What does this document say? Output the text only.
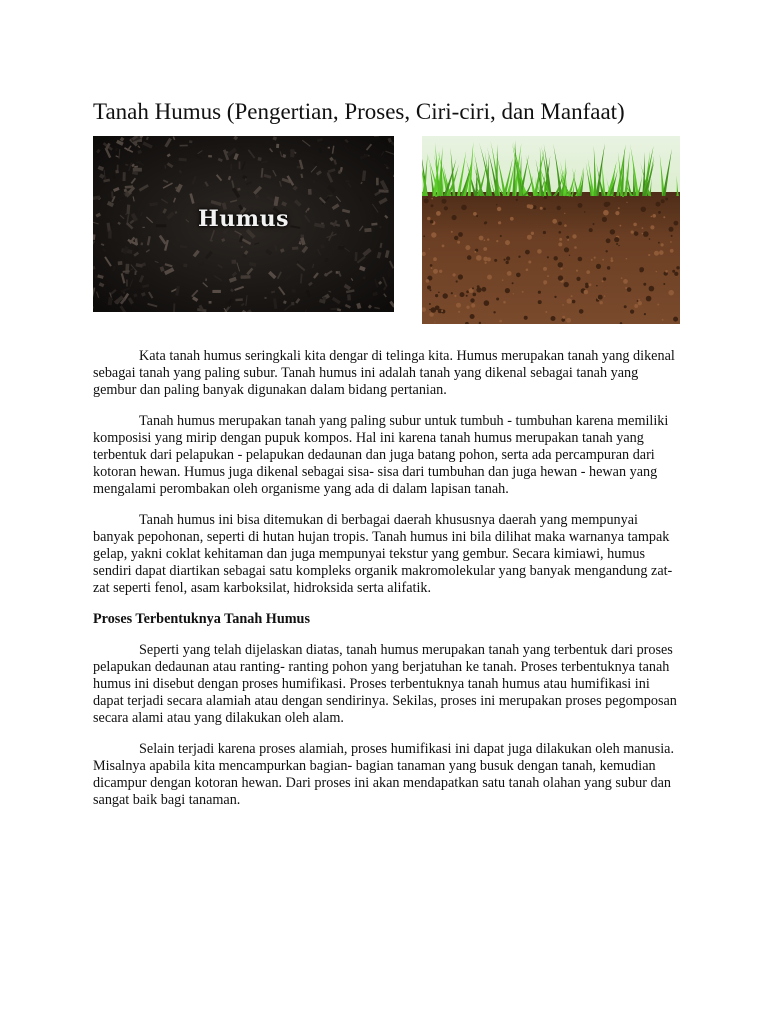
Tanah Humus (Pengertian, Proses, Ciri-ciri, dan Manfaat)
Humus

Kata tanah humus seringkali kita dengar di telinga kita. Humus merupakan tanah yang dikenal sebagai tanah yang paling subur. Tanah humus ini adalah tanah yang dikenal sebagai tanah yang gembur dan paling banyak digunakan dalam bidang pertanian.

Tanah humus merupakan tanah yang paling subur untuk tumbuh - tumbuhan karena memiliki komposisi yang mirip dengan pupuk kompos. Hal ini karena tanah humus merupakan tanah yang terbentuk dari pelapukan - pelapukan dedaunan dan juga batang pohon, serta ada percampuran dari kotoran hewan. Humus juga dikenal sebagai sisa- sisa dari tumbuhan dan juga hewan - hewan yang mengalami perombakan oleh organisme yang ada di dalam lapisan tanah.

Tanah humus ini bisa ditemukan di berbagai daerah khususnya daerah yang mempunyai banyak pepohonan, seperti di hutan hujan tropis. Tanah humus ini bila dilihat maka warnanya tampak gelap, yakni coklat kehitaman dan juga mempunyai tekstur yang gembur. Secara kimiawi, humus sendiri dapat diartikan sebagai satu kompleks organik makromolekular yang banyak mengandung zat- zat seperti fenol, asam karboksilat, hidroksida serta alifatik.

Proses Terbentuknya Tanah Humus

Seperti yang telah dijelaskan diatas, tanah humus merupakan tanah yang terbentuk dari proses pelapukan dedaunan atau ranting- ranting pohon yang berjatuhan ke tanah. Proses terbentuknya tanah humus ini disebut dengan proses humifikasi. Proses terbentuknya tanah humus atau humifikasi ini dapat terjadi secara alamiah atau dengan sendirinya. Sekilas, proses ini merupakan proses pegomposan secara alami atau yang dilakukan oleh alam.

Selain terjadi karena proses alamiah, proses humifikasi ini dapat juga dilakukan oleh manusia. Misalnya apabila kita mencampurkan bagian- bagian tanaman yang busuk dengan tanah, kemudian dicampur dengan kotoran hewan. Dari proses ini akan mendapatkan satu tanah olahan yang subur dan sangat baik bagi tanaman.
